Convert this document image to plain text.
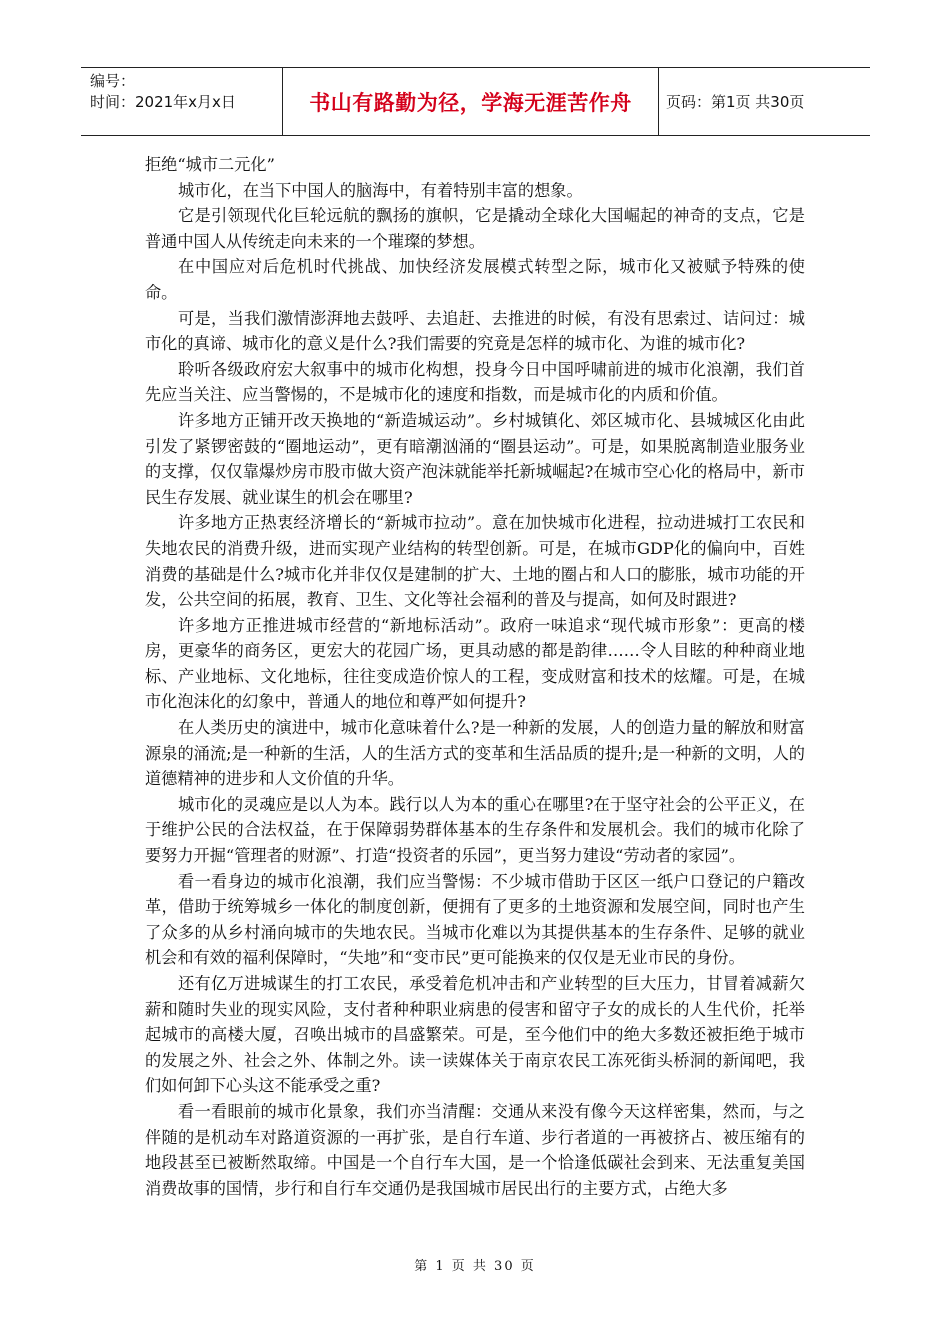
编号：
时间：2021年x月x日	书山有路勤为径，学海无涯苦作舟 页码：第1页 共30页

拒绝“城市二元化”

城市化，在当下中国人的脑海中，有着特别丰富的想象。

它是引领现代化巨轮远航的飘扬的旗帜，它是撬动全球化大国崛起的神奇的支点，它是普通中国人从传统走向未来的一个璀璨的梦想。

在中国应对后危机时代挑战、加快经济发展模式转型之际，城市化又被赋予特殊的使命。

可是，当我们激情澎湃地去鼓呼、去追赶、去推进的时候，有没有思索过、诘问过：城市化的真谛、城市化的意义是什么?我们需要的究竟是怎样的城市化、为谁的城市化?

聆听各级政府宏大叙事中的城市化构想，投身今日中国呼啸前进的城市化浪潮，我们首先应当关注、应当警惕的，不是城市化的速度和指数，而是城市化的内质和价值。

许多地方正铺开改天换地的“新造城运动”。乡村城镇化、郊区城市化、县城城区化由此引发了紧锣密鼓的“圈地运动”，更有暗潮汹涌的“圈县运动”。可是，如果脱离制造业服务业的支撑，仅仅靠爆炒房市股市做大资产泡沫就能举托新城崛起?在城市空心化的格局中，新市民生存发展、就业谋生的机会在哪里?

许多地方正热衷经济增长的“新城市拉动”。意在加快城市化进程，拉动进城打工农民和失地农民的消费升级，进而实现产业结构的转型创新。可是，在城市GDP化的偏向中，百姓消费的基础是什么?城市化并非仅仅是建制的扩大、土地的圈占和人口的膨胀，城市功能的开发，公共空间的拓展，教育、卫生、文化等社会福利的普及与提高，如何及时跟进?

许多地方正推进城市经营的“新地标活动”。政府一味追求“现代城市形象”：更高的楼房，更豪华的商务区，更宏大的花园广场，更具动感的都是韵律……令人目眩的种种商业地标、产业地标、文化地标，往往变成造价惊人的工程，变成财富和技术的炫耀。可是，在城市化泡沫化的幻象中，普通人的地位和尊严如何提升?

在人类历史的演进中，城市化意味着什么?是一种新的发展，人的创造力量的解放和财富源泉的涌流;是一种新的生活，人的生活方式的变革和生活品质的提升;是一种新的文明，人的道德精神的进步和人文价值的升华。

城市化的灵魂应是以人为本。践行以人为本的重心在哪里?在于坚守社会的公平正义，在于维护公民的合法权益，在于保障弱势群体基本的生存条件和发展机会。我们的城市化除了要努力开掘“管理者的财源”、打造“投资者的乐园”，更当努力建设“劳动者的家园”。

看一看身边的城市化浪潮，我们应当警惕：不少城市借助于区区一纸户口登记的户籍改革，借助于统筹城乡一体化的制度创新，便拥有了更多的土地资源和发展空间，同时也产生了众多的从乡村涌向城市的失地农民。当城市化难以为其提供基本的生存条件、足够的就业机会和有效的福利保障时，“失地”和“变市民”更可能换来的仅仅是无业市民的身份。

还有亿万进城谋生的打工农民，承受着危机冲击和产业转型的巨大压力，甘冒着减薪欠薪和随时失业的现实风险，支付者种种职业病患的侵害和留守子女的成长的人生代价，托举起城市的高楼大厦，召唤出城市的昌盛繁荣。可是，至今他们中的绝大多数还被拒绝于城市的发展之外、社会之外、体制之外。读一读媒体关于南京农民工冻死街头桥洞的新闻吧，我们如何卸下心头这不能承受之重?

看一看眼前的城市化景象，我们亦当清醒：交通从来没有像今天这样密集，然而，与之伴随的是机动车对路道资源的一再扩张，是自行车道、步行者道的一再被挤占、被压缩有的地段甚至已被断然取缔。中国是一个自行车大国，是一个恰逢低碳社会到来、无法重复美国消费故事的国情，步行和自行车交通仍是我国城市居民出行的主要方式，占绝大多

第 1 页 共 30 页
